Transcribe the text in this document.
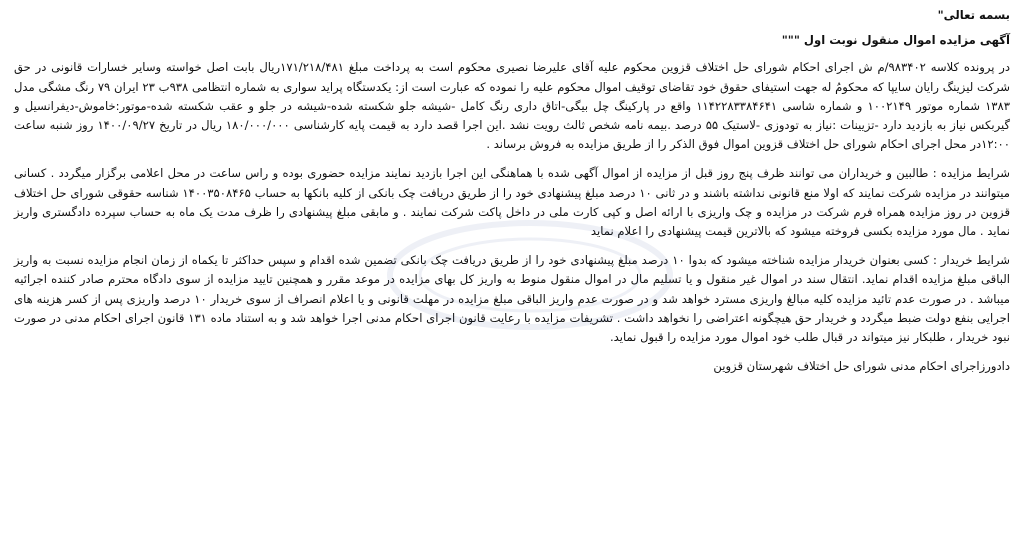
بسمه تعالی"

آگهی مزایده اموال منقول نوبت اول """

در پرونده کلاسه ۹۸۳۴۰۲/م ش اجرای احکام شورای حل اختلاف قزوین محکوم علیه آقای علیرضا نصیری محکوم است به پرداخت مبلغ ۱۷۱/۲۱۸/۴۸۱ریال بابت اصل خواسته وسایر خسارات قانونی در حق شرکت لیزینگ رایان سایپا که محکومُ له جهت استیفای حقوق خود تقاضای توقیف اموال محکوم علیه را نموده که عبارت است از: یکدستگاه پراید سواری به شماره انتظامی ۹۳۸ب ۲۳ ایران ۷۹ رنگ مشگی مدل ۱۳۸۳ شماره موتور ۱۰۰۲۱۴۹ و شماره شاسی ۱۱۴۲۲۸۳۳۸۴۶۴۱ واقع در پارکینگ چل بیگی-اتاق داری رنگ کامل -شیشه جلو شکسته شده-شیشه در جلو و عقب شکسته شده-موتور:خاموش-دیفرانسیل و گیربکس نیاز به بازدید دارد -تزیینات :نیاز به تودوزی -لاستیک ۵۵ درصد .بیمه نامه شخص ثالث رویت نشد .این اجرا قصد دارد به قیمت پایه کارشناسی ۱۸۰/۰۰۰/۰۰۰ ریال در تاریخ ۱۴۰۰/۰۹/۲۷ روز شنبه ساعت ۱۲:۰۰در محل اجرای احکام شورای حل اختلاف قزوین اموال فوق الذکر را از طریق مزایده به فروش برساند .

شرایط مزایده : طالبین و خریداران می توانند ظرف پنج روز قبل از مزایده از اموال آگهی شده با هماهنگی این اجرا بازدید نمایند مزایده حضوری بوده و راس ساعت در محل اعلامی برگزار میگردد . کسانی میتوانند در مزایده شرکت نمایند که اولا منع قانونی نداشته باشند و در ثانی ۱۰ درصد مبلغ پیشنهادی خود را از طریق دریافت چک بانکی از کلیه بانکها به حساب ۱۴۰۰۳۵۰۸۴۶۵ شناسه حقوقی شورای حل اختلاف قزوین در روز مزایده همراه فرم شرکت در مزایده و چک واریزی با ارائه اصل و کپی کارت ملی در داخل پاکت شرکت نمایند . و مابقی مبلغ پیشنهادی را ظرف مدت یک ماه به حساب سپرده دادگستری واریز نماید . مال مورد مزایده بکسی فروخته میشود که بالاترین قیمت پیشنهادی را اعلام نماید

شرایط خریدار : کسی بعنوان خریدار مزایده شناخته میشود که بدوا ۱۰ درصد مبلغ پیشنهادی خود را از طریق دریافت چک بانکی تضمین شده اقدام و سپس حداکثر تا یکماه از زمان انجام مزایده نسبت به واریز الباقی مبلغ مزایده اقدام نماید. انتقال سند در اموال غیر منقول و یا تسلیم مال در اموال منقول منوط به واریز کل بهای مزایده در موعد مقرر و همچنین تایید مزایده از سوی دادگاه محترم صادر کننده اجرائیه میباشد . در صورت عدم تائید مزایده کلیه مبالغ واریزی مسترد خواهد شد و در صورت عدم واریز الباقی مبلغ مزایده در مهلت قانونی و یا اعلام انصراف از سوی خریدار ۱۰ درصد واریزی پس از کسر هزینه های اجرایی بنفع دولت ضبط میگردد و خریدار حق هیچگونه اعتراضی را نخواهد داشت . تشریفات مزایده با رعایت قانون اجرای احکام مدنی اجرا خواهد شد و به استناد ماده ۱۳۱ قانون اجرای احکام مدنی در صورت نبود خریدار ، طلبکار نیز میتواند در قبال طلب خود اموال مورد مزایده را قبول نماید.

دادورزاجرای احکام مدنی شورای حل اختلاف شهرستان قزوین
